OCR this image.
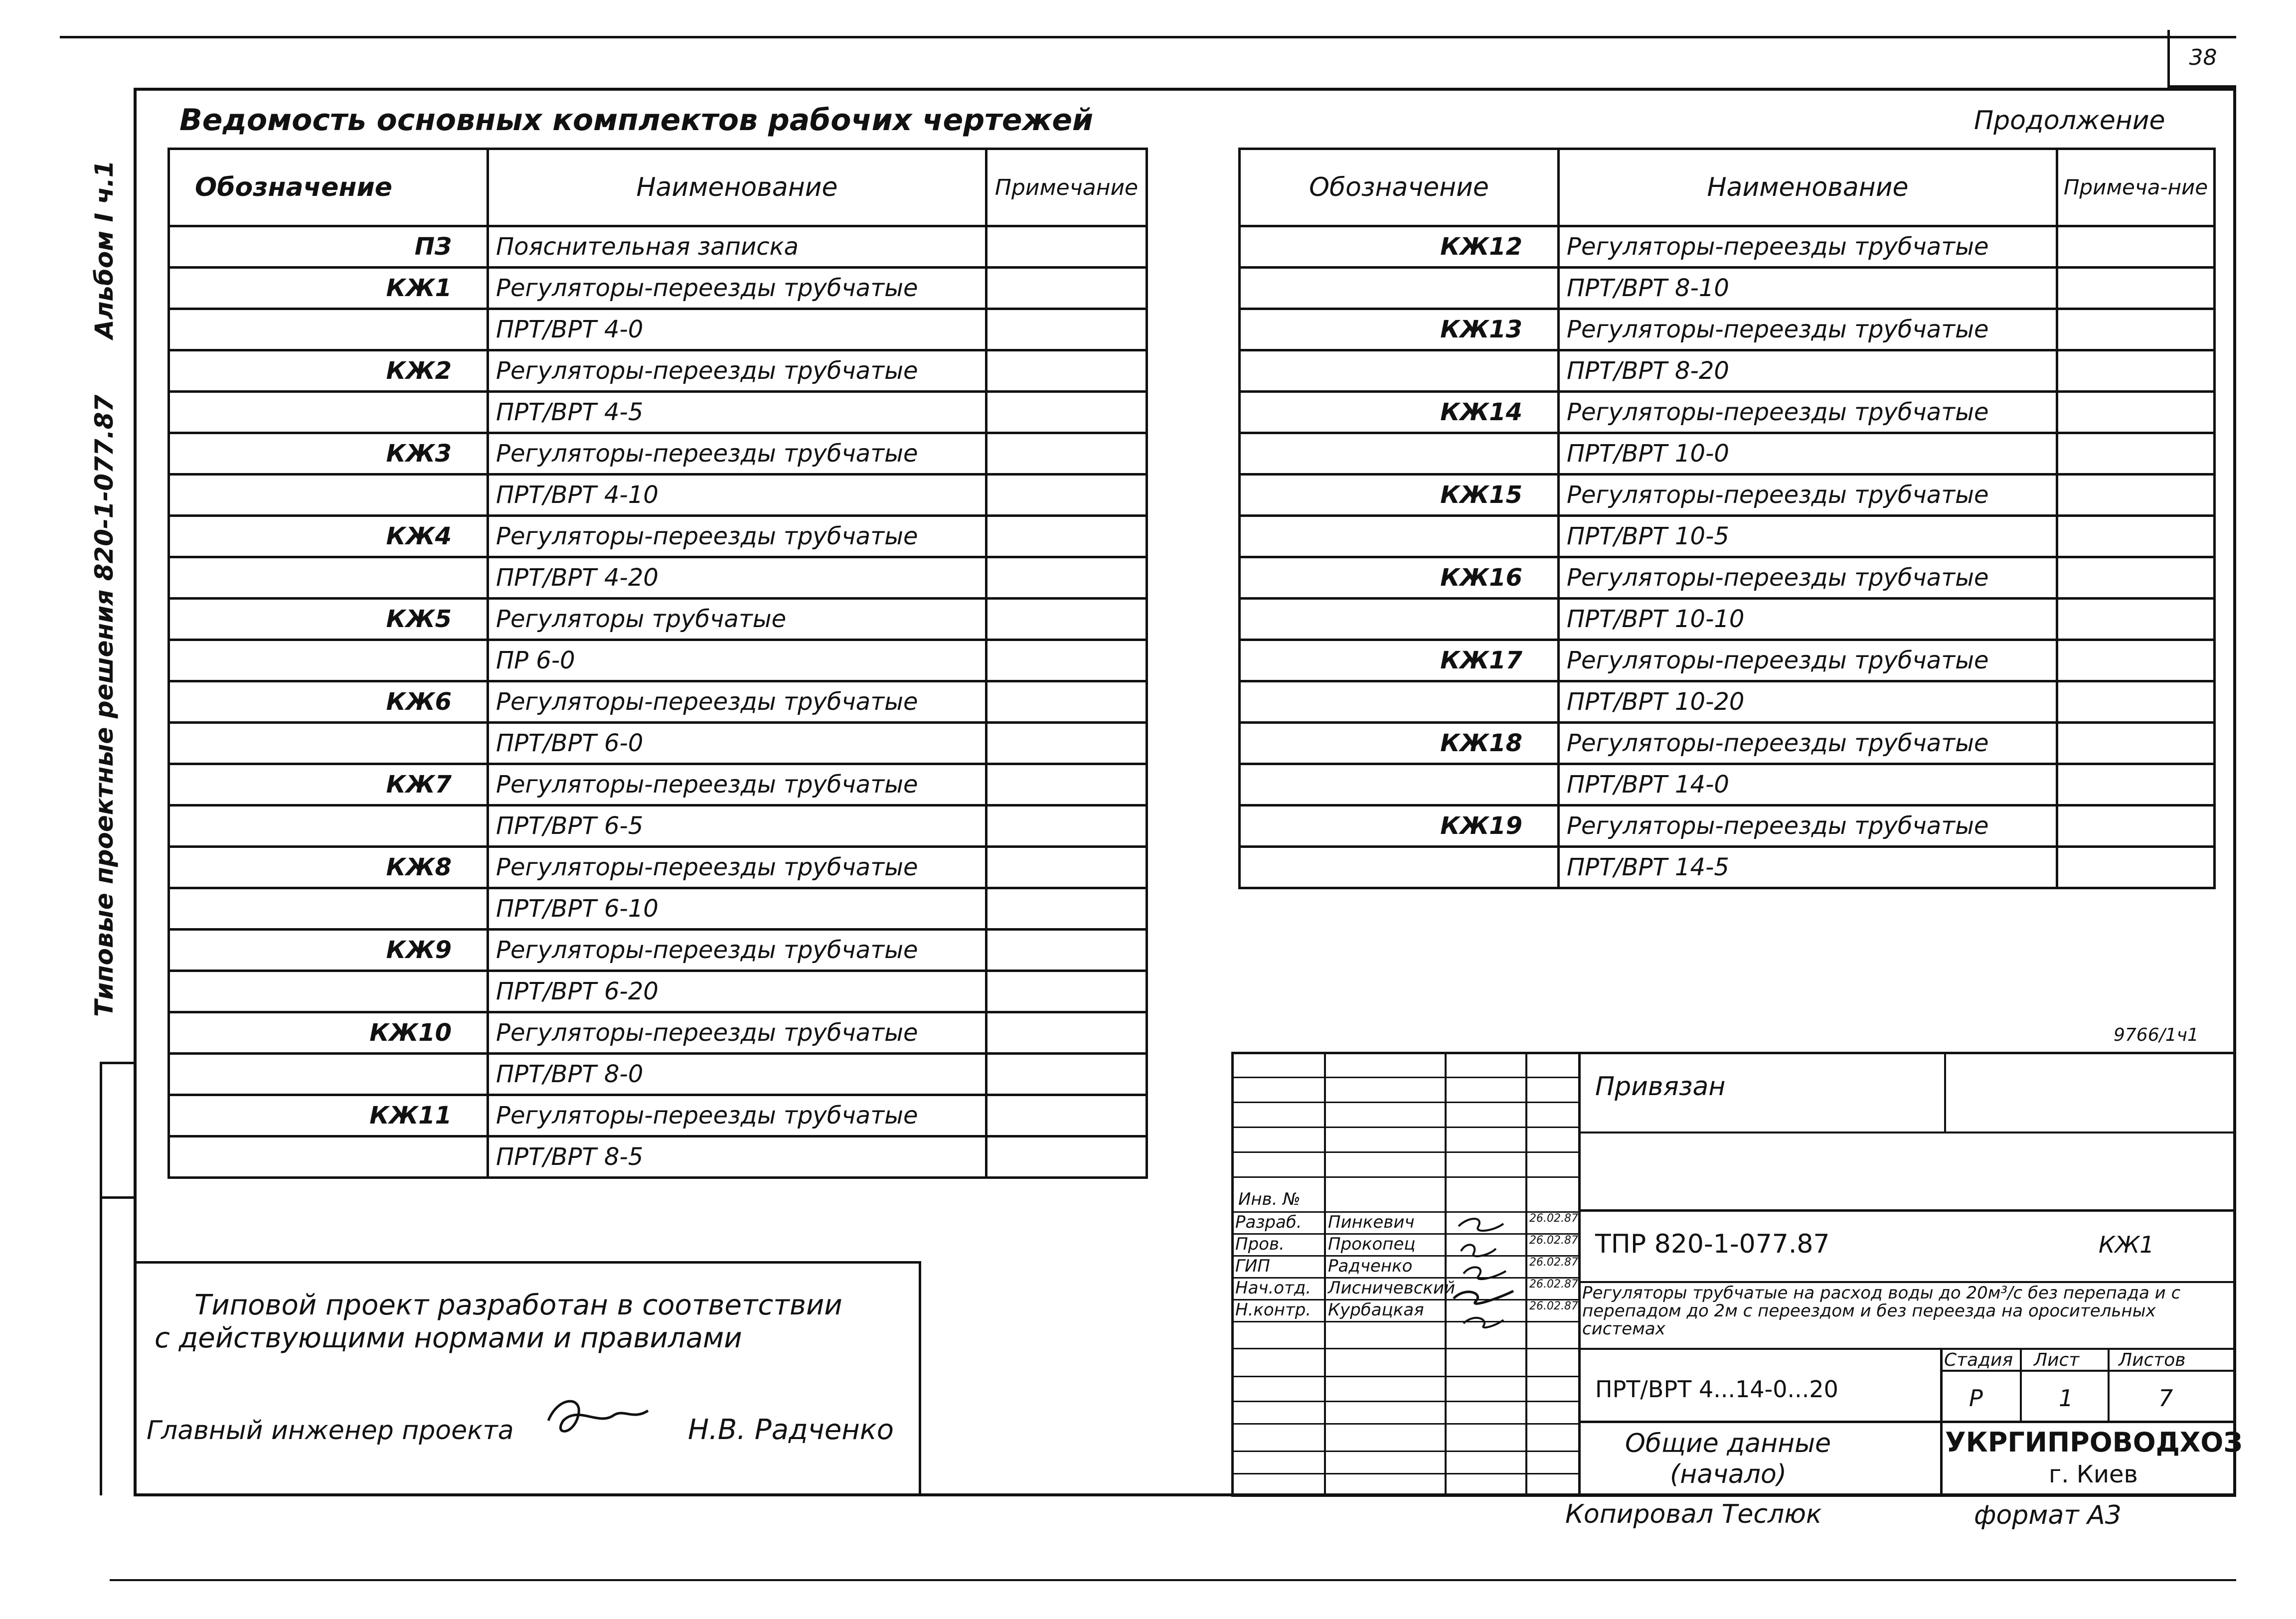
38
Альбом I ч.1
Типовые проектные решения 820-1-077.87
Ведомость основных комплектов рабочих чертежей
Обозначение	Наименование	Примечание
ПЗ	Пояснительная записка	
КЖ1	Регуляторы-переезды трубчатые	
	ПРТ/ВРТ 4-0	
КЖ2	Регуляторы-переезды трубчатые	
	ПРТ/ВРТ 4-5	
КЖ3	Регуляторы-переезды трубчатые	
	ПРТ/ВРТ 4-10	
КЖ4	Регуляторы-переезды трубчатые	
	ПРТ/ВРТ 4-20	
КЖ5	Регуляторы трубчатые	
	ПР 6-0	
КЖ6	Регуляторы-переезды трубчатые	
	ПРТ/ВРТ 6-0	
КЖ7	Регуляторы-переезды трубчатые	
	ПРТ/ВРТ 6-5	
КЖ8	Регуляторы-переезды трубчатые	
	ПРТ/ВРТ 6-10	
КЖ9	Регуляторы-переезды трубчатые	
	ПРТ/ВРТ 6-20	
КЖ10	Регуляторы-переезды трубчатые	
	ПРТ/ВРТ 8-0	
КЖ11	Регуляторы-переезды трубчатые	
	ПРТ/ВРТ 8-5	
Продолжение
Обозначение	Наименование	Примеча-ние
КЖ12	Регуляторы-переезды трубчатые	
	ПРТ/ВРТ 8-10	
КЖ13	Регуляторы-переезды трубчатые	
	ПРТ/ВРТ 8-20	
КЖ14	Регуляторы-переезды трубчатые	
	ПРТ/ВРТ 10-0	
КЖ15	Регуляторы-переезды трубчатые	
	ПРТ/ВРТ 10-5	
КЖ16	Регуляторы-переезды трубчатые	
	ПРТ/ВРТ 10-10	
КЖ17	Регуляторы-переезды трубчатые	
	ПРТ/ВРТ 10-20	
КЖ18	Регуляторы-переезды трубчатые	
	ПРТ/ВРТ 14-0	
КЖ19	Регуляторы-переезды трубчатые	
	ПРТ/ВРТ 14-5	
9766/1ч1
Типовой проект разработан в соответствии
с действующими нормами и правилами
Главный инженер проекта	Н.В. Радченко
Привязан
Инв. №
Разраб. Пинкевич	26.02.87
Пров.	Прокопец	26.02.87
ГИП	Радченко	26.02.87
Нач.отд. Лисничевский	26.02.87
Н.контр. Курбацкая	26.02.87
ТПР 820-1-077.87	КЖ1
Регуляторы трубчатые на расход воды до 20м³/с без перепада и с перепадом до 2м с переездом и без переезда на оросительных системах
ПРТ/ВРТ 4...14-0...20
Стадия Лист Листов
Р	1	7
Общие данные
(начало)
УКРГИПРОВОДХОЗ
г. Киев
Копировал Теслюк	формат А3
